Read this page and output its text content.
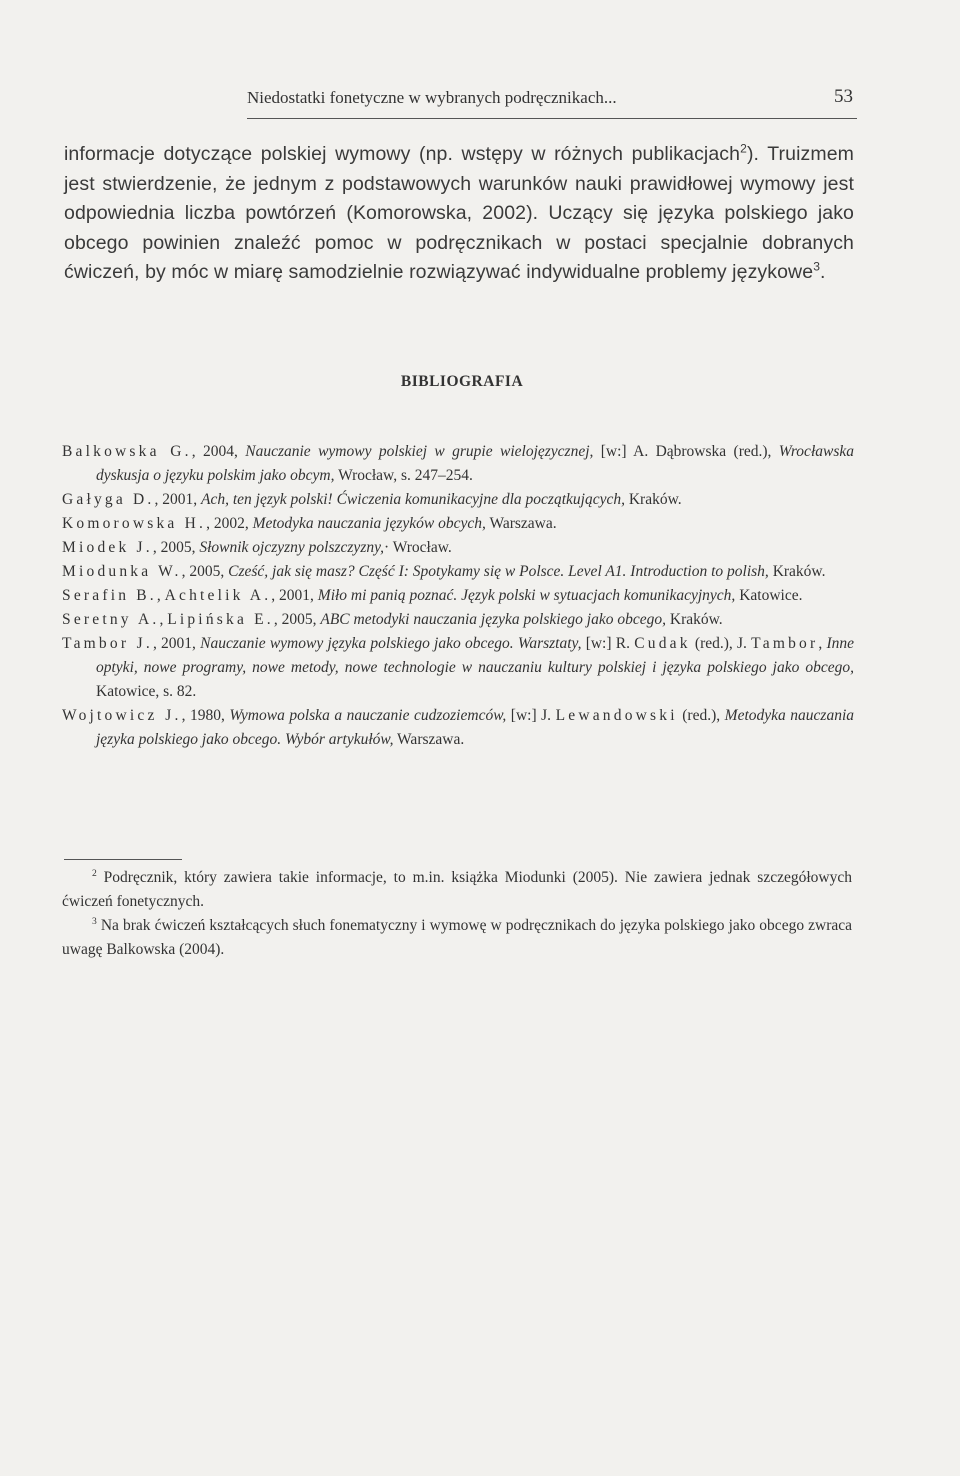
Niedostatki fonetyczne w wybranych podręcznikach...	53

informacje dotyczące polskiej wymowy (np. wstępy w różnych publikacjach$^2$). Truizmem jest stwierdzenie, że jednym z podstawowych warunków nauki prawidłowej wymowy jest odpowiednia liczba powtórzeń (Komorowska, 2002). Uczący się języka polskiego jako obcego powinien znaleźć pomoc w podręcznikach w postaci specjalnie dobranych ćwiczeń, by móc w miarę samodzielnie rozwiązywać indywidualne problemy językowe$^3$.

BIBLIOGRAFIA

Balkowska G., 2004, Nauczanie wymowy polskiej w grupie wielojęzycznej, [w:] A. Dąbrowska (red.), Wrocławska dyskusja o języku polskim jako obcym, Wrocław, s. 247–254.

Gałyga D., 2001, Ach, ten język polski! Ćwiczenia komunikacyjne dla początkujących, Kraków.

Komorowska H., 2002, Metodyka nauczania języków obcych, Warszawa.

Miodek J., 2005, Słownik ojczyzny polszczyzny,· Wrocław.

Miodunka W., 2005, Cześć, jak się masz? Część I: Spotykamy się w Polsce. Level A1. Introduction to polish, Kraków.

Serafin B., Achtelik A., 2001, Miło mi panią poznać. Język polski w sytuacjach komunikacyjnych, Katowice.

Seretny A., Lipińska E., 2005, ABC metodyki nauczania języka polskiego jako obcego, Kraków.

Tambor J., 2001, Nauczanie wymowy języka polskiego jako obcego. Warsztaty, [w:] R. Cudak (red.), J. Tambor, Inne optyki, nowe programy, nowe metody, nowe technologie w nauczaniu kultury polskiej i języka polskiego jako obcego, Katowice, s. 82.

Wojtowicz J., 1980, Wymowa polska a nauczanie cudzoziemców, [w:] J. Lewandowski (red.), Metodyka nauczania języka polskiego jako obcego. Wybór artykułów, Warszawa.

$^2$ Podręcznik, który zawiera takie informacje, to m.in. książka Miodunki (2005). Nie zawiera jednak szczegółowych ćwiczeń fonetycznych.

$^3$ Na brak ćwiczeń kształcących słuch fonematyczny i wymowę w podręcznikach do języka polskiego jako obcego zwraca uwagę Balkowska (2004).
